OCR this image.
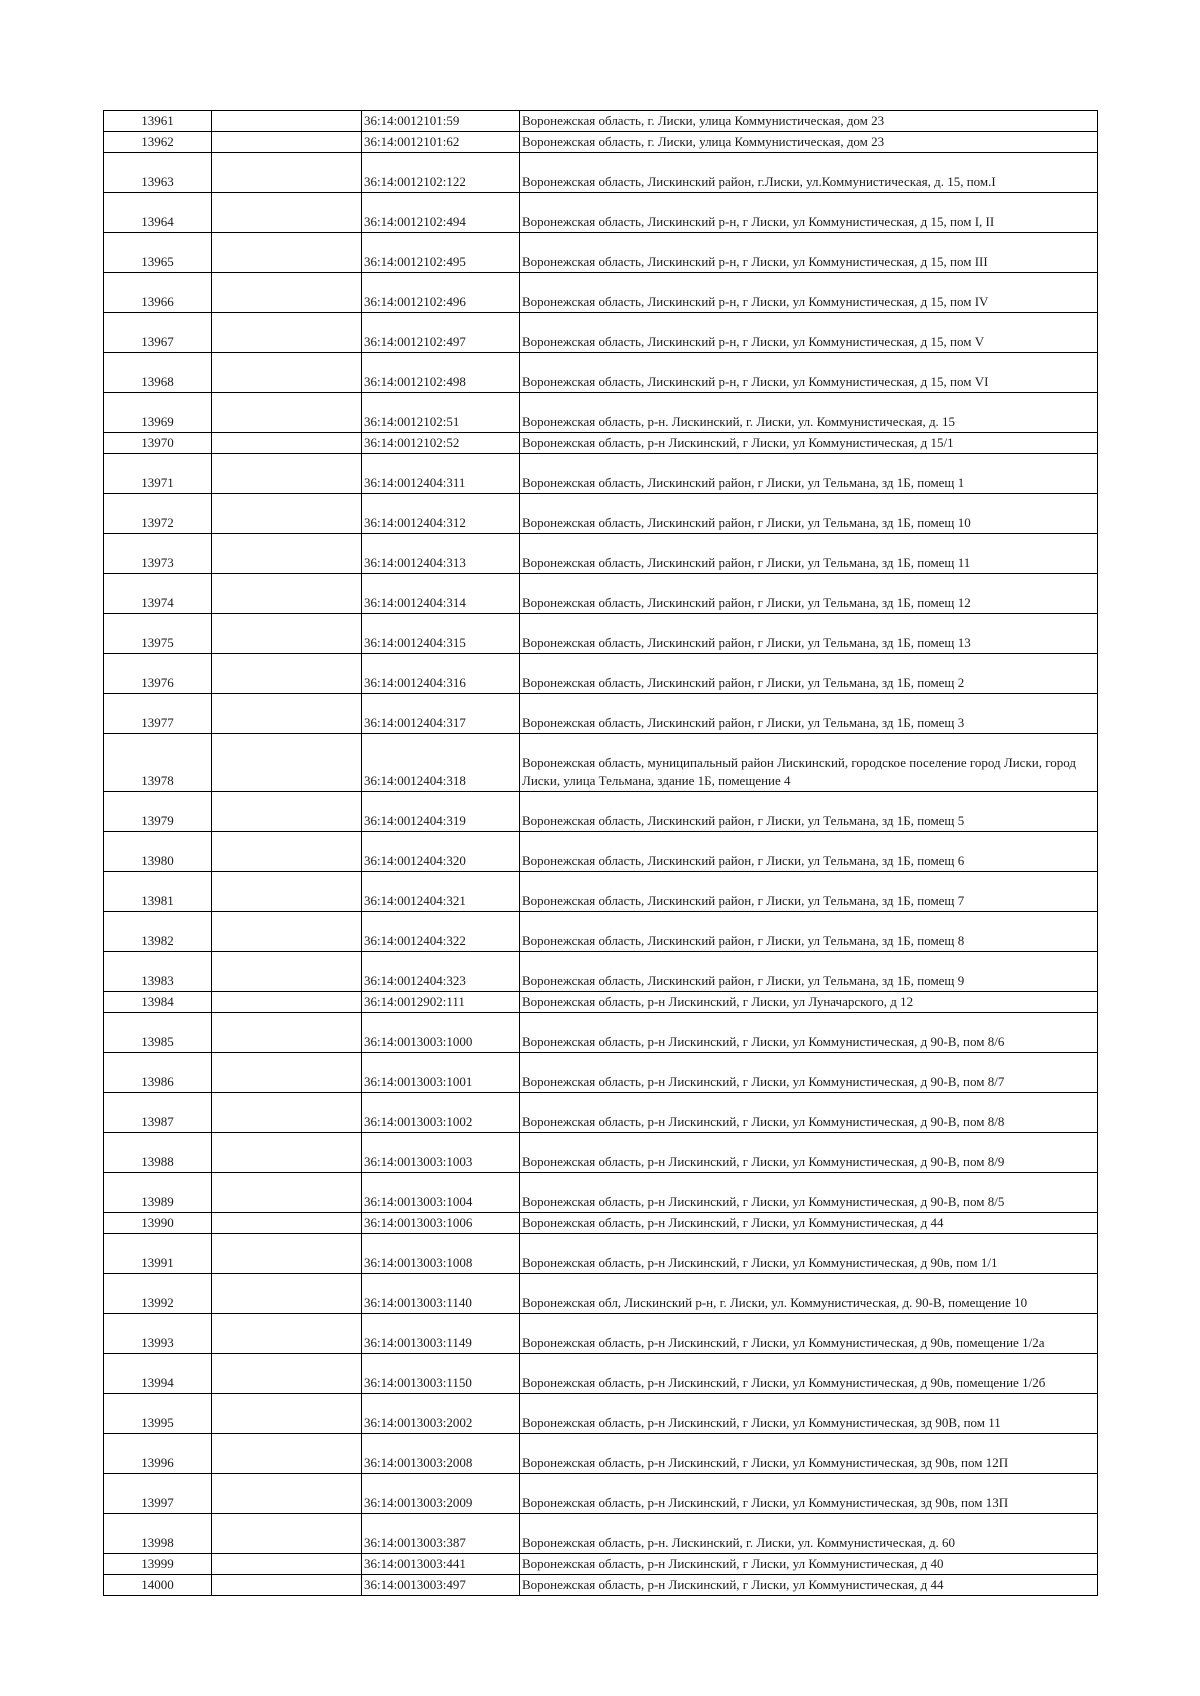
13961		36:14:0012101:59	Воронежская область, г. Лиски, улица Коммунистическая, дом 23
13962		36:14:0012101:62	Воронежская область, г. Лиски, улица Коммунистическая, дом 23
13963		36:14:0012102:122	Воронежская область, Лискинский район, г.Лиски, ул.Коммунистическая, д. 15, пом.I
13964		36:14:0012102:494	Воронежская область, Лискинский р-н, г Лиски, ул Коммунистическая, д 15, пом I, II
13965		36:14:0012102:495	Воронежская область, Лискинский р-н, г Лиски, ул Коммунистическая, д 15, пом III
13966		36:14:0012102:496	Воронежская область, Лискинский р-н, г Лиски, ул Коммунистическая, д 15, пом IV
13967		36:14:0012102:497	Воронежская область, Лискинский р-н, г Лиски, ул Коммунистическая, д 15, пом V
13968		36:14:0012102:498	Воронежская область, Лискинский р-н, г Лиски, ул Коммунистическая, д 15, пом VI
13969		36:14:0012102:51	Воронежская область, р-н. Лискинский, г. Лиски, ул. Коммунистическая, д. 15
13970		36:14:0012102:52	Воронежская область, р-н Лискинский, г Лиски, ул Коммунистическая, д 15/1
13971		36:14:0012404:311	Воронежская область, Лискинский район, г Лиски, ул Тельмана, зд 1Б, помещ 1
13972		36:14:0012404:312	Воронежская область, Лискинский район, г Лиски, ул Тельмана, зд 1Б, помещ 10
13973		36:14:0012404:313	Воронежская область, Лискинский район, г Лиски, ул Тельмана, зд 1Б, помещ 11
13974		36:14:0012404:314	Воронежская область, Лискинский район, г Лиски, ул Тельмана, зд 1Б, помещ 12
13975		36:14:0012404:315	Воронежская область, Лискинский район, г Лиски, ул Тельмана, зд 1Б, помещ 13
13976		36:14:0012404:316	Воронежская область, Лискинский район, г Лиски, ул Тельмана, зд 1Б, помещ 2
13977		36:14:0012404:317	Воронежская область, Лискинский район, г Лиски, ул Тельмана, зд 1Б, помещ 3
13978		36:14:0012404:318	Воронежская область, муниципальный район Лискинский, городское поселение город Лиски, город Лиски, улица Тельмана, здание 1Б, помещение 4
13979		36:14:0012404:319	Воронежская область, Лискинский район, г Лиски, ул Тельмана, зд 1Б, помещ 5
13980		36:14:0012404:320	Воронежская область, Лискинский район, г Лиски, ул Тельмана, зд 1Б, помещ 6
13981		36:14:0012404:321	Воронежская область, Лискинский район, г Лиски, ул Тельмана, зд 1Б, помещ 7
13982		36:14:0012404:322	Воронежская область, Лискинский район, г Лиски, ул Тельмана, зд 1Б, помещ 8
13983		36:14:0012404:323	Воронежская область, Лискинский район, г Лиски, ул Тельмана, зд 1Б, помещ 9
13984		36:14:0012902:111	Воронежская область, р-н Лискинский, г Лиски, ул Луначарского, д 12
13985		36:14:0013003:1000	Воронежская область, р-н Лискинский, г Лиски, ул Коммунистическая, д 90-В, пом 8/6
13986		36:14:0013003:1001	Воронежская область, р-н Лискинский, г Лиски, ул Коммунистическая, д 90-В, пом 8/7
13987		36:14:0013003:1002	Воронежская область, р-н Лискинский, г Лиски, ул Коммунистическая, д 90-В, пом 8/8
13988		36:14:0013003:1003	Воронежская область, р-н Лискинский, г Лиски, ул Коммунистическая, д 90-В, пом 8/9
13989		36:14:0013003:1004	Воронежская область, р-н Лискинский, г Лиски, ул Коммунистическая, д 90-В, пом 8/5
13990		36:14:0013003:1006	Воронежская область, р-н Лискинский, г Лиски, ул Коммунистическая, д 44
13991		36:14:0013003:1008	Воронежская область, р-н Лискинский, г Лиски, ул Коммунистическая, д 90в, пом 1/1
13992		36:14:0013003:1140	Воронежская обл, Лискинский р-н, г. Лиски, ул. Коммунистическая, д. 90-В, помещение 10
13993		36:14:0013003:1149	Воронежская область, р-н Лискинский, г Лиски, ул Коммунистическая, д 90в, помещение 1/2а
13994		36:14:0013003:1150	Воронежская область, р-н Лискинский, г Лиски, ул Коммунистическая, д 90в, помещение 1/2б
13995		36:14:0013003:2002	Воронежская область, р-н Лискинский, г Лиски, ул Коммунистическая, зд 90В, пом 11
13996		36:14:0013003:2008	Воронежская область, р-н Лискинский, г Лиски, ул Коммунистическая, зд 90в, пом 12П
13997		36:14:0013003:2009	Воронежская область, р-н Лискинский, г Лиски, ул Коммунистическая, зд 90в, пом 13П
13998		36:14:0013003:387	Воронежская область, р-н. Лискинский, г. Лиски, ул. Коммунистическая, д. 60
13999		36:14:0013003:441	Воронежская область, р-н Лискинский, г Лиски, ул Коммунистическая, д 40
14000		36:14:0013003:497	Воронежская область, р-н Лискинский, г Лиски, ул Коммунистическая, д 44
